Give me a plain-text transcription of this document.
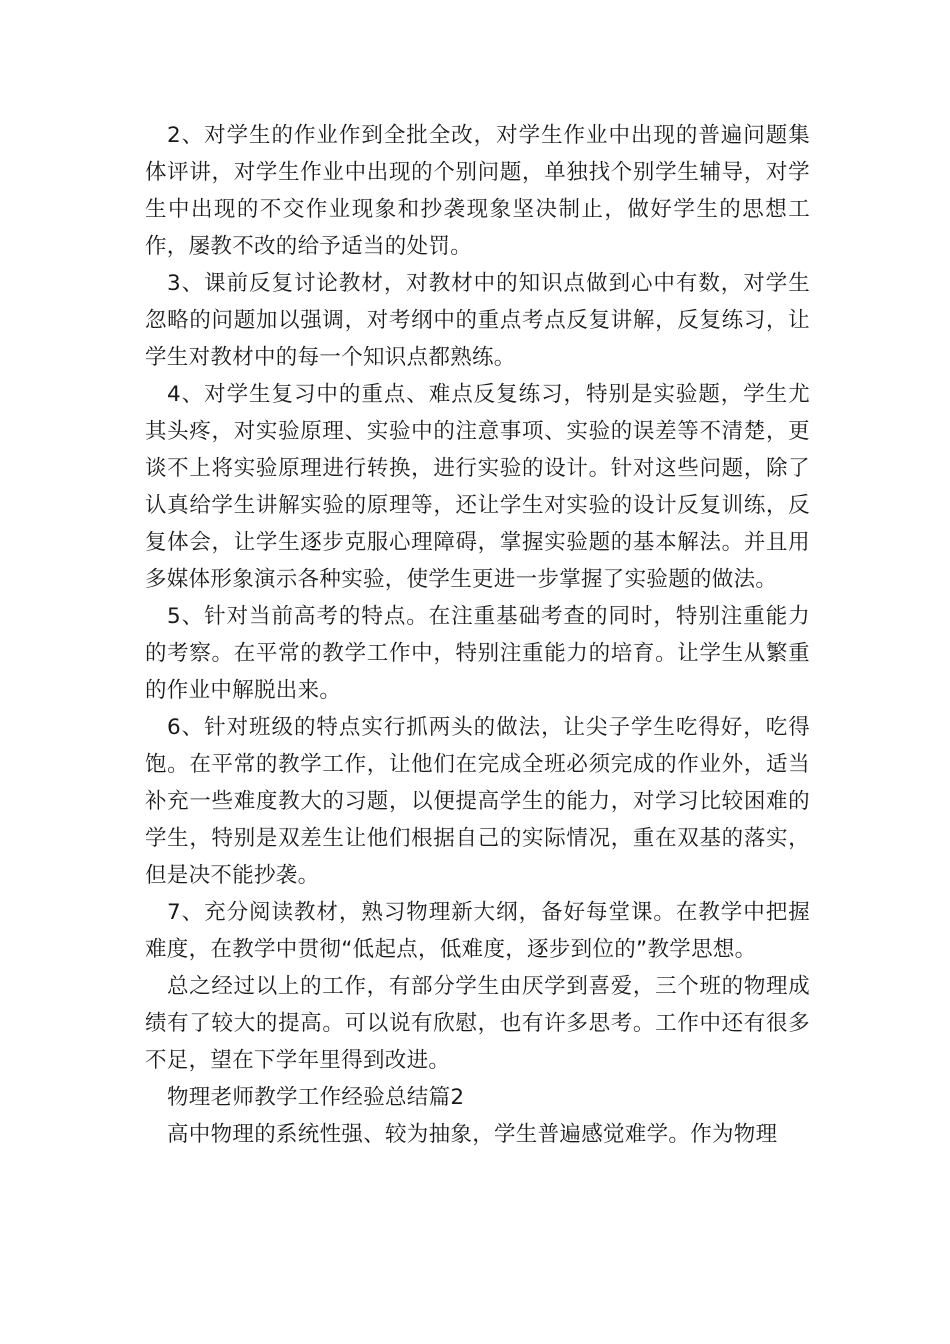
2、对学生的作业作到全批全改，对学生作业中出现的普遍问题集体评讲，对学生作业中出现的个别问题，单独找个别学生辅导，对学生中出现的不交作业现象和抄袭现象坚决制止，做好学生的思想工作，屡教不改的给予适当的处罚。

3、课前反复讨论教材，对教材中的知识点做到心中有数，对学生忽略的问题加以强调，对考纲中的重点考点反复讲解，反复练习，让学生对教材中的每一个知识点都熟练。

4、对学生复习中的重点、难点反复练习，特别是实验题，学生尤其头疼，对实验原理、实验中的注意事项、实验的误差等不清楚，更谈不上将实验原理进行转换，进行实验的设计。针对这些问题，除了认真给学生讲解实验的原理等，还让学生对实验的设计反复训练，反复体会，让学生逐步克服心理障碍，掌握实验题的基本解法。并且用多媒体形象演示各种实验，使学生更进一步掌握了实验题的做法。

5、针对当前高考的特点。在注重基础考查的同时，特别注重能力的考察。在平常的教学工作中，特别注重能力的培育。让学生从繁重的作业中解脱出来。

6、针对班级的特点实行抓两头的做法，让尖子学生吃得好，吃得饱。在平常的教学工作，让他们在完成全班必须完成的作业外，适当补充一些难度教大的习题，以便提高学生的能力，对学习比较困难的学生，特别是双差生让他们根据自己的实际情况，重在双基的落实，但是决不能抄袭。

7、充分阅读教材，熟习物理新大纲，备好每堂课。在教学中把握难度，在教学中贯彻“低起点，低难度，逐步到位的”教学思想。

总之经过以上的工作，有部分学生由厌学到喜爱，三个班的物理成绩有了较大的提高。可以说有欣慰，也有许多思考。工作中还有很多不足，望在下学年里得到改进。

物理老师教学工作经验总结篇2

高中物理的系统性强、较为抽象，学生普遍感觉难学。作为物理
